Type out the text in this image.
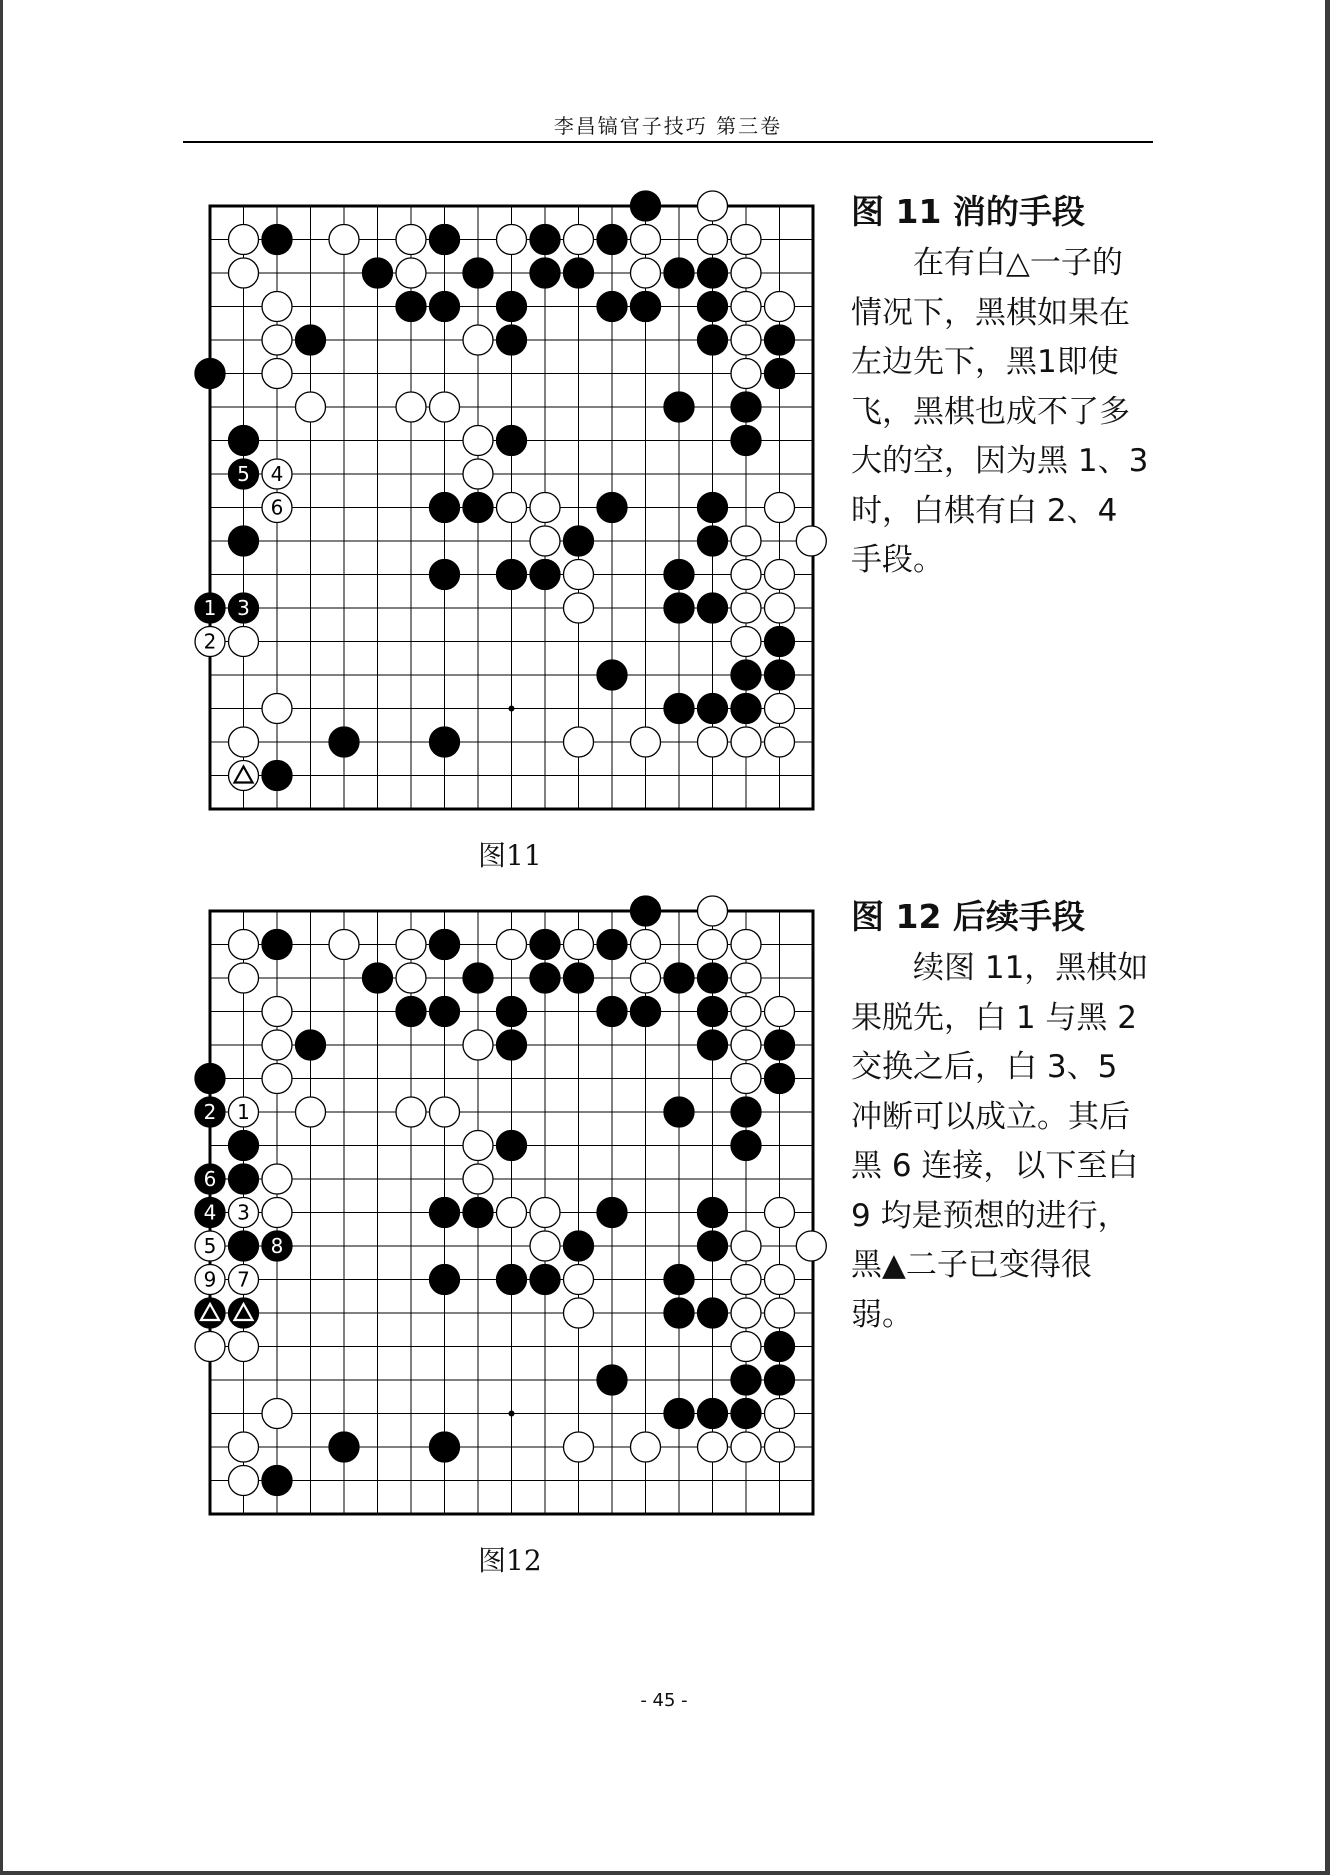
李昌镐官子技巧 第三卷
1
2
3
4
5
6
图11

图 11 消的手段

在有白△一子的情况下，黑棋如果在左边先下，黑1即使飞，黑棋也成不了多大的空，因为黑 1、3 时，白棋有白 2、4 手段。

1
2
3
4
5
6
7
8
9
图12

图 12 后续手段

续图 11，黑棋如果脱先，白 1 与黑 2 交换之后，白 3、5 冲断可以成立。其后黑 6 连接，以下至白 9 均是预想的进行，黑▲二子已变得很弱。

- 45 -
